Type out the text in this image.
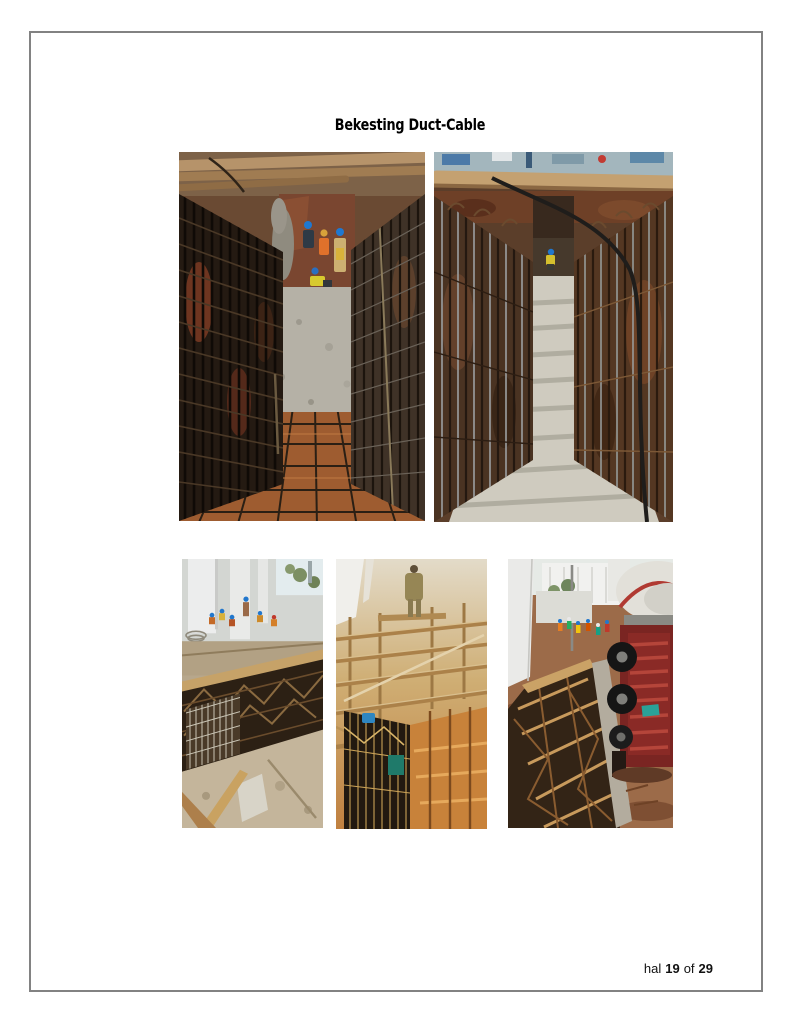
Bekesting Duct-Cable
hal 19 of 29
